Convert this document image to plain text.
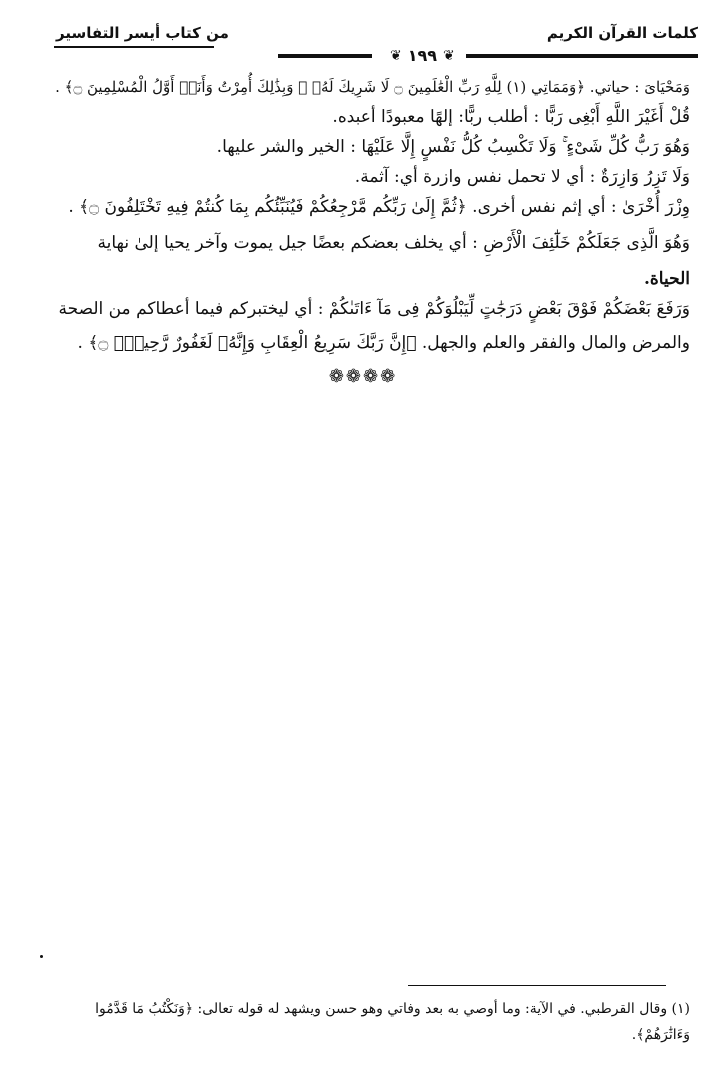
كلمات القرآن الكريم
من كتاب أيسر التفاسير
❦
١٩٩
❦

وَمَحْيَاىَ : حياتي. ﴿وَمَمَاتِي (١) لِلَّهِ رَبِّ الْعَٰلَمِينَ ۝ لَا شَرِيكَ لَهُۥ ۖ وَبِذَٰلِكَ أُمِرْتُ وَأَنَا۠ أَوَّلُ الْمُسْلِمِينَ ۝﴾ .

قُلْ أَغَيْرَ اللَّهِ أَبْغِى رَبًّا : أطلب ربًّا: إلهًا معبودًا أعبده.

وَهُوَ رَبُّ كُلِّ شَىْءٍ ۚ وَلَا تَكْسِبُ كُلُّ نَفْسٍ إِلَّا عَلَيْهَا : الخير والشر عليها.

وَلَا تَزِرُ وَازِرَةٌ : أي لا تحمل نفس وازرة أي: آثمة.

وِزْرَ أُخْرَىٰ : أي إثم نفس أخرى. ﴿ثُمَّ إِلَىٰ رَبِّكُم مَّرْجِعُكُمْ فَيُنَبِّئُكُم بِمَا كُنتُمْ فِيهِ تَخْتَلِفُونَ ۝﴾ .

وَهُوَ الَّذِى جَعَلَكُمْ خَلَٰٓئِفَ الْأَرْضِ : أي يخلف بعضكم بعضًا جيل يموت وآخر يحيا إلىٰ نهاية

الحياة.

وَرَفَعَ بَعْضَكُمْ فَوْقَ بَعْضٍ دَرَجَٰتٍ لِّيَبْلُوَكُمْ فِى مَآ ءَاتَىٰكُمْ : أي ليختبركم فيما أعطاكم من الصحة

والمرض والمال والفقر والعلم والجهل. ﴿إِنَّ رَبَّكَ سَرِيعُ الْعِقَابِ وَإِنَّهُۥ لَغَفُورٌ رَّحِيمٌۢ ۝﴾ .

❁❁❁❁
(١) وقال القرطبي. في الآية: وما أوصي به بعد وفاتي وهو حسن ويشهد له قوله تعالى: ﴿وَنَكْتُبُ مَا قَدَّمُوا
وَءَاثَٰرَهُمْ﴾.
